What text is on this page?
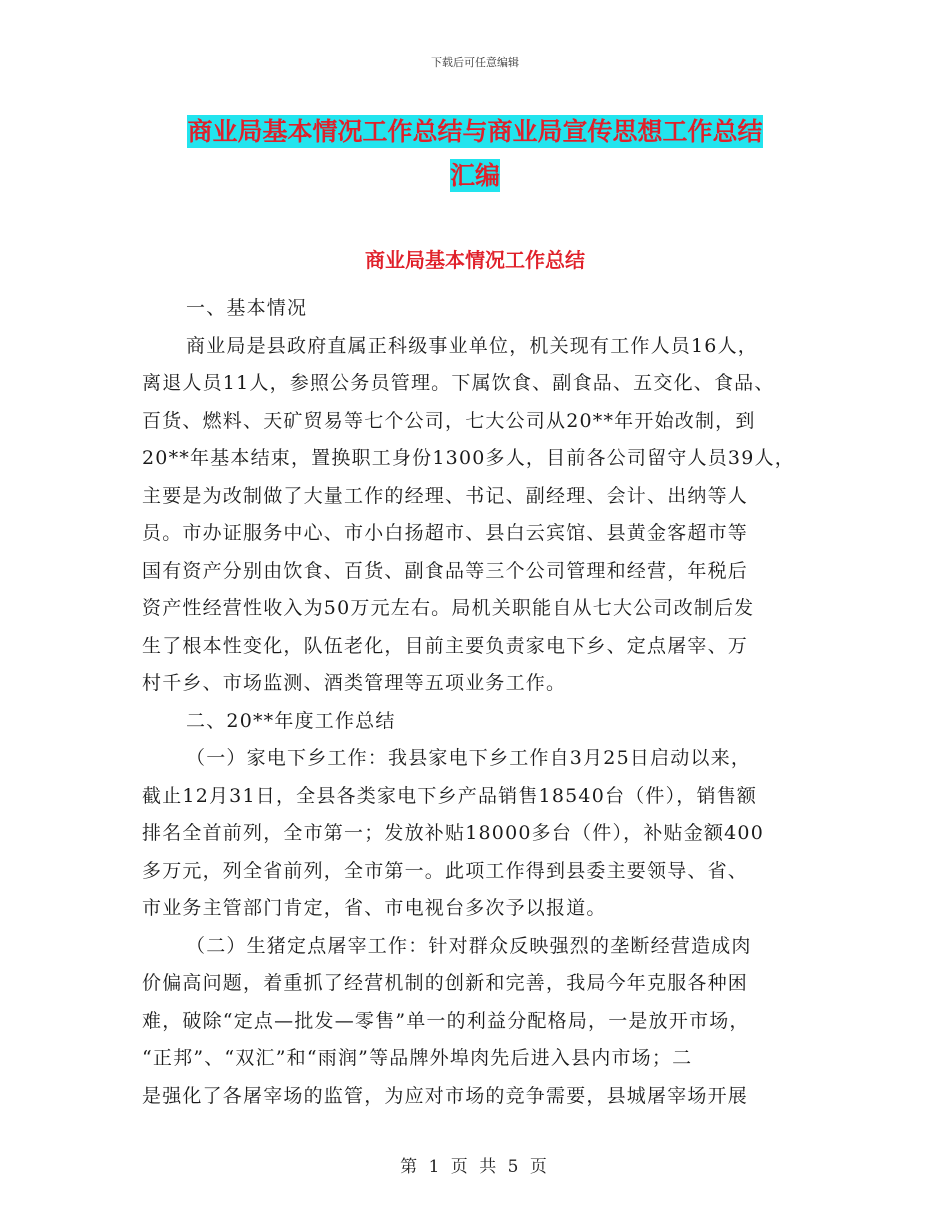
下载后可任意编辑
商业局基本情况工作总结与商业局宣传思想工作总结
汇编
商业局基本情况工作总结
一、基本情况
商业局是县政府直属正科级事业单位，机关现有工作人员16人，
离退人员11人，参照公务员管理。下属饮食、副食品、五交化、食品、
百货、燃料、天矿贸易等七个公司，七大公司从20**年开始改制，到
20**年基本结束，置换职工身份1300多人，目前各公司留守人员39人，
主要是为改制做了大量工作的经理、书记、副经理、会计、出纳等人
员。市办证服务中心、市小白扬超市、县白云宾馆、县黄金客超市等
国有资产分别由饮食、百货、副食品等三个公司管理和经营，年税后
资产性经营性收入为50万元左右。局机关职能自从七大公司改制后发
生了根本性变化，队伍老化，目前主要负责家电下乡、定点屠宰、万
村千乡、市场监测、酒类管理等五项业务工作。
二、20**年度工作总结
（一）家电下乡工作：我县家电下乡工作自3月25日启动以来，
截止12月31日，全县各类家电下乡产品销售18540台（件），销售额
排名全首前列，全市第一；发放补贴18000多台（件），补贴金额400
多万元，列全省前列，全市第一。此项工作得到县委主要领导、省、
市业务主管部门肯定，省、市电视台多次予以报道。
（二）生猪定点屠宰工作：针对群众反映强烈的垄断经营造成肉
价偏高问题，着重抓了经营机制的创新和完善，我局今年克服各种困
难，破除“定点—批发—零售”单一的利益分配格局，一是放开市场，
“正邦”、“双汇”和“雨润”等品牌外埠肉先后进入县内市场；二
是强化了各屠宰场的监管，为应对市场的竞争需要，县城屠宰场开展
第 1 页 共 5 页
